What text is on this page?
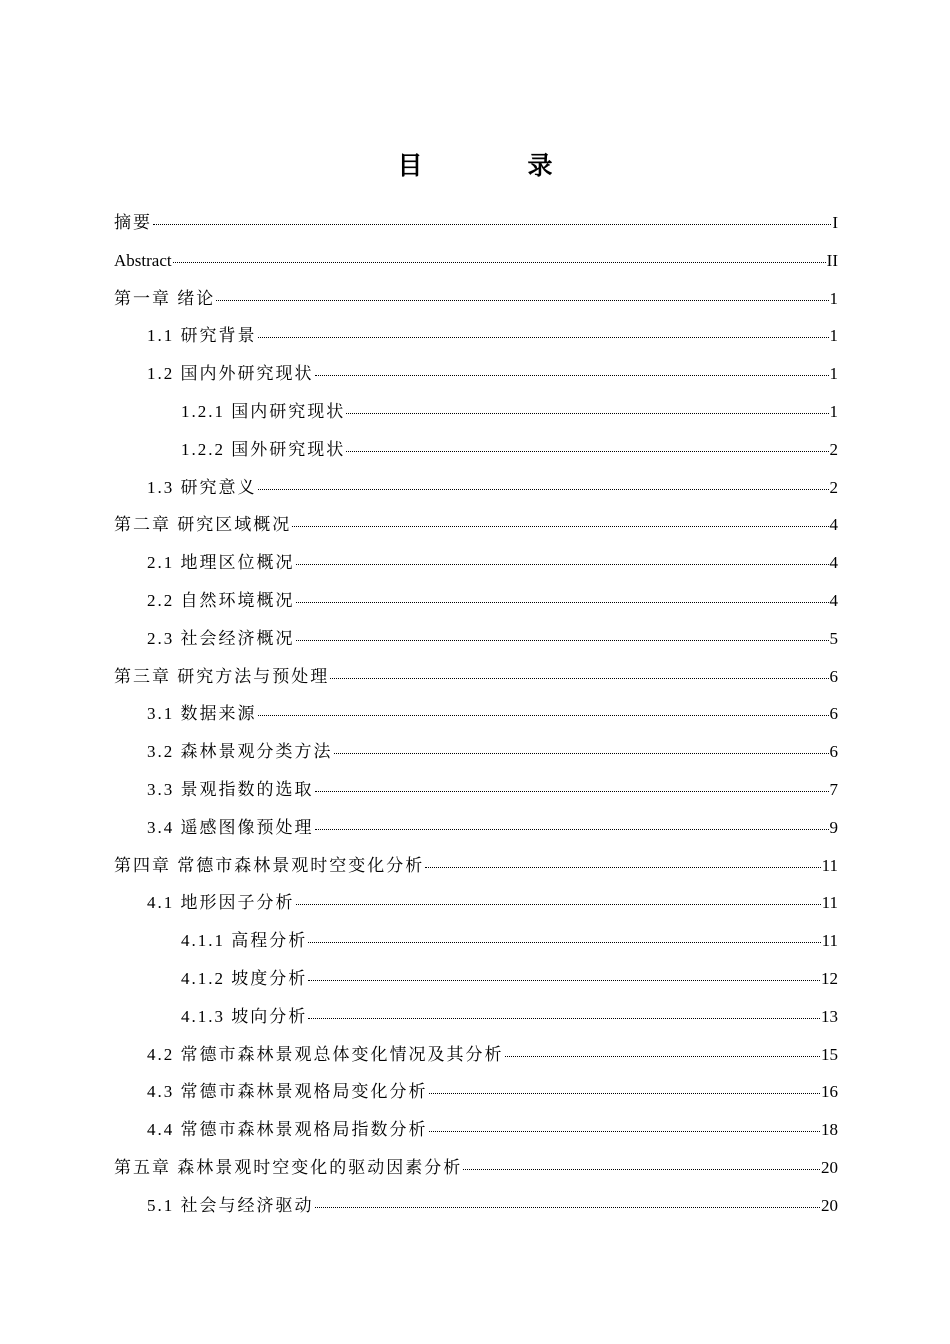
目　录
摘要	I
Abstract	II
第一章 绪论	1
1.1 研究背景	1
1.2 国内外研究现状	1
1.2.1 国内研究现状	1
1.2.2 国外研究现状	2
1.3 研究意义	2
第二章 研究区域概况	4
2.1 地理区位概况	4
2.2 自然环境概况	4
2.3 社会经济概况	5
第三章 研究方法与预处理	6
3.1 数据来源	6
3.2 森林景观分类方法	6
3.3 景观指数的选取	7
3.4 遥感图像预处理	9
第四章 常德市森林景观时空变化分析	11
4.1 地形因子分析	11
4.1.1 高程分析	11
4.1.2 坡度分析	12
4.1.3 坡向分析	13
4.2 常德市森林景观总体变化情况及其分析	15
4.3 常德市森林景观格局变化分析	16
4.4 常德市森林景观格局指数分析	18
第五章 森林景观时空变化的驱动因素分析	20
5.1 社会与经济驱动	20
